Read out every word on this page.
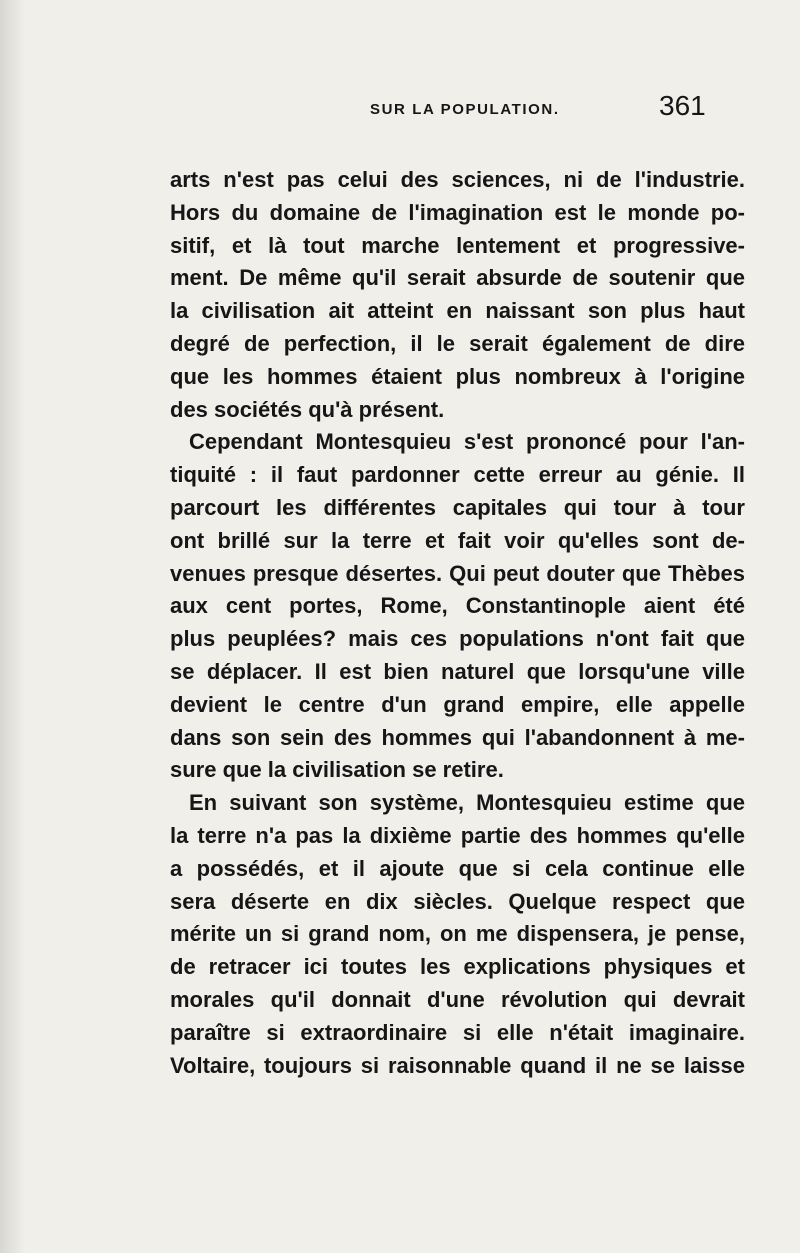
SUR LA POPULATION.	361
arts n'est pas celui des sciences, ni de l'industrie.
Hors du domaine de l'imagination est le monde po-
sitif, et là tout marche lentement et progressive-
ment. De même qu'il serait absurde de soutenir que
la civilisation ait atteint en naissant son plus haut
degré de perfection, il le serait également de dire
que les hommes étaient plus nombreux à l'origine
des sociétés qu'à présent.
Cependant Montesquieu s'est prononcé pour l'an-
tiquité : il faut pardonner cette erreur au génie. Il
parcourt les différentes capitales qui tour à tour
ont brillé sur la terre et fait voir qu'elles sont de-
venues presque désertes. Qui peut douter que Thèbes
aux cent portes, Rome, Constantinople aient été
plus peuplées? mais ces populations n'ont fait que
se déplacer. Il est bien naturel que lorsqu'une ville
devient le centre d'un grand empire, elle appelle
dans son sein des hommes qui l'abandonnent à me-
sure que la civilisation se retire.
En suivant son système, Montesquieu estime que
la terre n'a pas la dixième partie des hommes qu'elle
a possédés, et il ajoute que si cela continue elle
sera déserte en dix siècles. Quelque respect que
mérite un si grand nom, on me dispensera, je pense,
de retracer ici toutes les explications physiques et
morales qu'il donnait d'une révolution qui devrait
paraître si extraordinaire si elle n'était imaginaire.
Voltaire, toujours si raisonnable quand il ne se laisse
